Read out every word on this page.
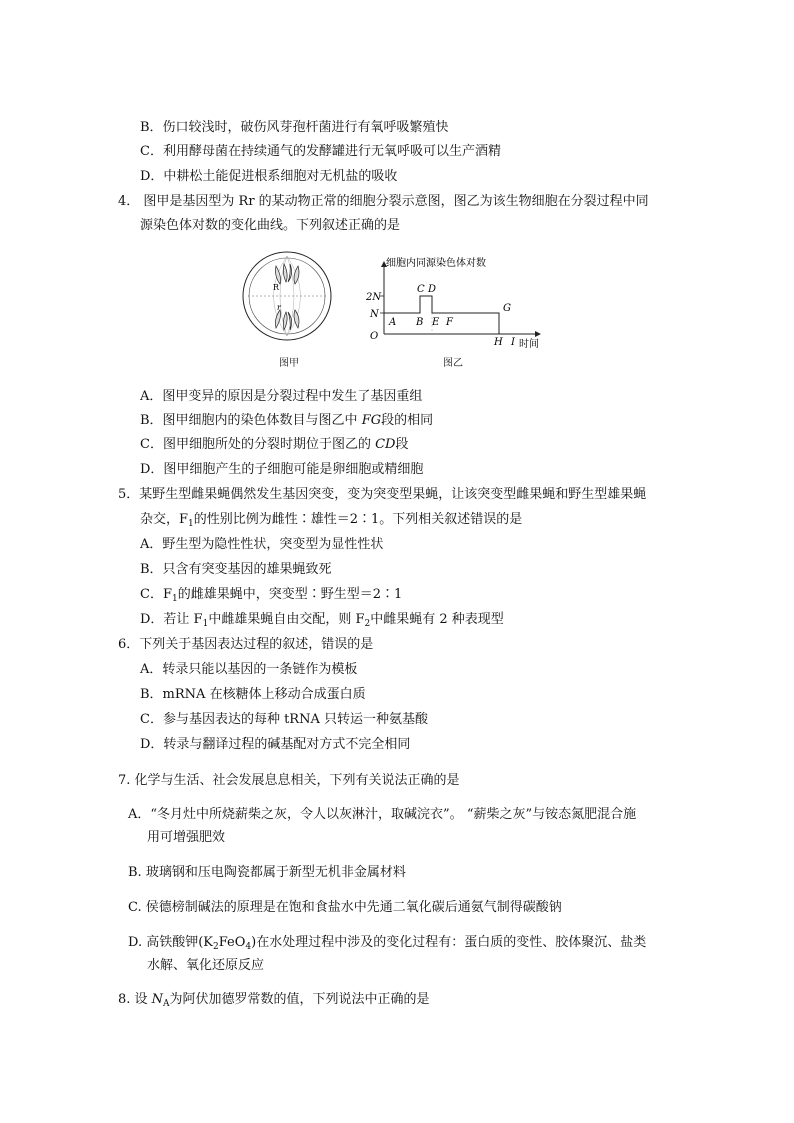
B．伤口较浅时，破伤风芽孢杆菌进行有氧呼吸繁殖快
C．利用酵母菌在持续通气的发酵罐进行无氧呼吸可以生产酒精
D．中耕松土能促进根系细胞对无机盐的吸收
4． 图甲是基因型为 Rr 的某动物正常的细胞分裂示意图，图乙为该生物细胞在分裂过程中同
源染色体对数的变化曲线。下列叙述正确的是
R
r
图甲
细胞内同源染色体对数
2N
N
O
A B
C D
E F
G
H I 时间
图乙
A．图甲变异的原因是分裂过程中发生了基因重组
B．图甲细胞内的染色体数目与图乙中 FG段的相同
C．图甲细胞所处的分裂时期位于图乙的 CD段
D．图甲细胞产生的子细胞可能是卵细胞或精细胞
5．某野生型雌果蝇偶然发生基因突变，变为突变型果蝇，让该突变型雌果蝇和野生型雄果蝇
杂交，$F_1$的性别比例为雌性∶雄性＝2∶1。下列相关叙述错误的是
A．野生型为隐性性状，突变型为显性性状
B．只含有突变基因的雄果蝇致死
C．$F_1$的雌雄果蝇中，突变型∶野生型＝2∶1
D．若让 $F_1$中雌雄果蝇自由交配，则 $F_2$中雌果蝇有 2 种表现型
6．下列关于基因表达过程的叙述，错误的是
A．转录只能以基因的一条链作为模板
B．mRNA 在核糖体上移动合成蛋白质
C．参与基因表达的每种 tRNA 只转运一种氨基酸
D．转录与翻译过程的碱基配对方式不完全相同
7. 化学与生活、社会发展息息相关，下列有关说法正确的是
A．“冬月灶中所烧薪柴之灰，令人以灰淋汁，取碱浣衣”。 “薪柴之灰”与铵态氮肥混合施
用可增强肥效
B. 玻璃钢和压电陶瓷都属于新型无机非金属材料
C. 侯德榜制碱法的原理是在饱和食盐水中先通二氧化碳后通氨气制得碳酸钠
D. 高铁酸钾$(K_2FeO_4)$在水处理过程中涉及的变化过程有：蛋白质的变性、胶体聚沉、盐类
水解、氧化还原反应
8. 设 $N_A$为阿伏加德罗常数的值，下列说法中正确的是
